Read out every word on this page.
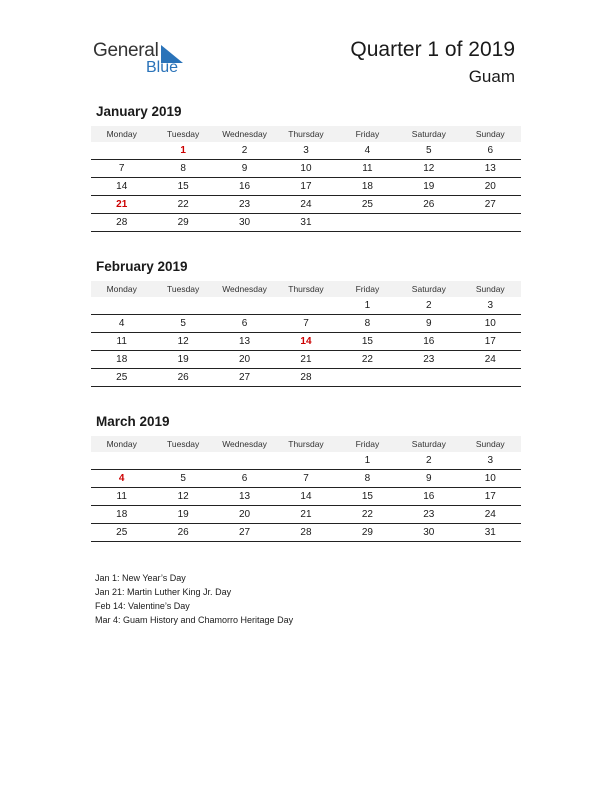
General
Blue
Quarter 1 of 2019
Guam
January 2019
Monday	Tuesday	Wednesday	Thursday	Friday	Saturday	Sunday
	1	2	3	4	5	6
7	8	9	10	11	12	13
14	15	16	17	18	19	20
21	22	23	24	25	26	27
28	29	30	31			
February 2019
Monday	Tuesday	Wednesday	Thursday	Friday	Saturday	Sunday
				1	2	3
4	5	6	7	8	9	10
11	12	13	14	15	16	17
18	19	20	21	22	23	24
25	26	27	28			
March 2019
Monday	Tuesday	Wednesday	Thursday	Friday	Saturday	Sunday
				1	2	3
4	5	6	7	8	9	10
11	12	13	14	15	16	17
18	19	20	21	22	23	24
25	26	27	28	29	30	31
Jan 1: New Year’s Day
Jan 21: Martin Luther King Jr. Day
Feb 14: Valentine’s Day
Mar 4: Guam History and Chamorro Heritage Day
